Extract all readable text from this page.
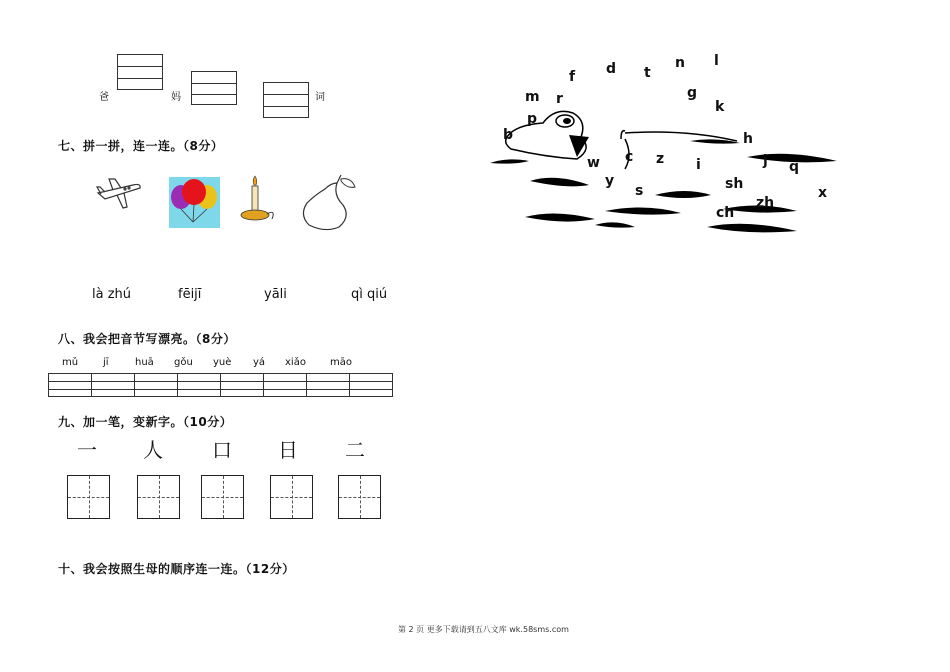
爸	妈	词
七、拼一拼，连一连。（8分）
là zhú	fēijī	yāli	qì qiú
八、我会把音节写漂亮。（8分）
mǔ jī	huā gǒu yuè yá xiǎo māo
九、加一笔，变新字。（10分）
一 人 口 日 二
十、我会按照生母的顺序连一连。（12分）
f d t
n l
m r	g
k
p
b	h
w c z i	j q
y
s	sh
x
zh
ch
第 2 页 更多下载请到五八文库 wk.58sms.com
